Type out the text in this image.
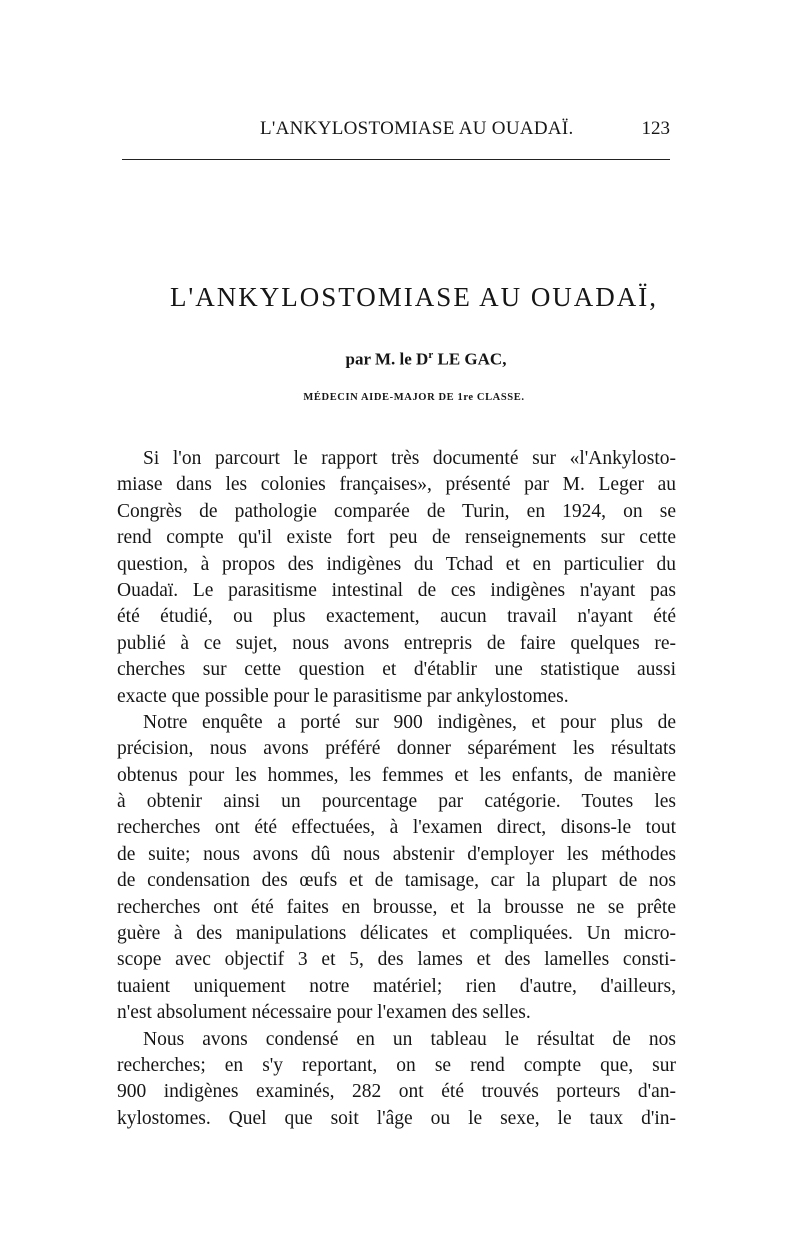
L'ANKYLOSTOMIASE AU OUADAÏ.	123
L'ANKYLOSTOMIASE AU OUADAÏ,
par M. le $D^r$ LE GAC,
MÉDECIN AIDE-MAJOR DE 1re CLASSE.
Si l'on parcourt le rapport très documenté sur «l'Ankylosto-
miase dans les colonies françaises», présenté par M. Leger au
Congrès de pathologie comparée de Turin, en 1924, on se
rend compte qu'il existe fort peu de renseignements sur cette
question, à propos des indigènes du Tchad et en particulier du
Ouadaï. Le parasitisme intestinal de ces indigènes n'ayant pas
été étudié, ou plus exactement, aucun travail n'ayant été
publié à ce sujet, nous avons entrepris de faire quelques re-
cherches sur cette question et d'établir une statistique aussi
exacte que possible pour le parasitisme par ankylostomes.
Notre enquête a porté sur 900 indigènes, et pour plus de
précision, nous avons préféré donner séparément les résultats
obtenus pour les hommes, les femmes et les enfants, de manière
à obtenir ainsi un pourcentage par catégorie. Toutes les
recherches ont été effectuées, à l'examen direct, disons-le tout
de suite; nous avons dû nous abstenir d'employer les méthodes
de condensation des œufs et de tamisage, car la plupart de nos
recherches ont été faites en brousse, et la brousse ne se prête
guère à des manipulations délicates et compliquées. Un micro-
scope avec objectif 3 et 5, des lames et des lamelles consti-
tuaient uniquement notre matériel; rien d'autre, d'ailleurs,
n'est absolument nécessaire pour l'examen des selles.
Nous avons condensé en un tableau le résultat de nos
recherches; en s'y reportant, on se rend compte que, sur
900 indigènes examinés, 282 ont été trouvés porteurs d'an-
kylostomes. Quel que soit l'âge ou le sexe, le taux d'in-
